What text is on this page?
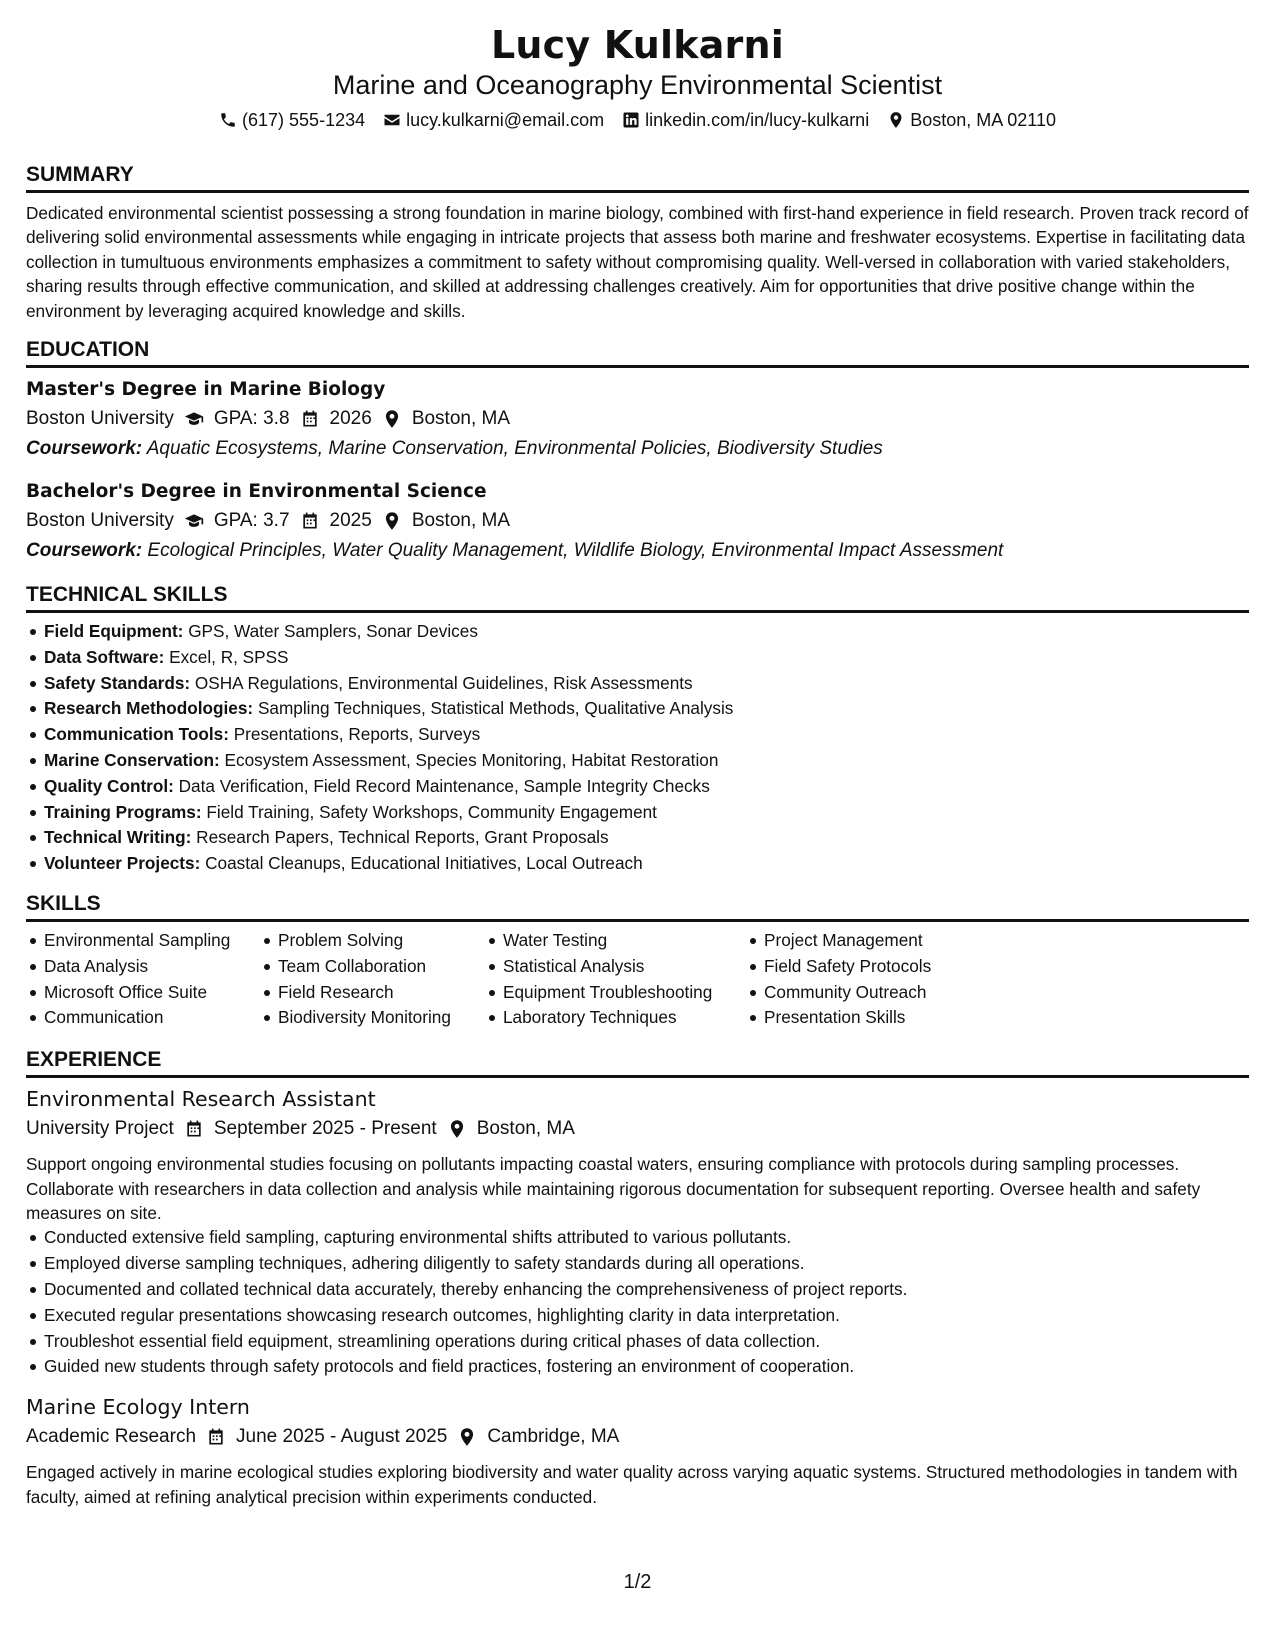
Lucy Kulkarni
Marine and Oceanography Environmental Scientist
(617) 555-1234 lucy.kulkarni@email.com linkedin.com/in/lucy-kulkarni Boston, MA 02110
SUMMARY

Dedicated environmental scientist possessing a strong foundation in marine biology, combined with first-hand experience in field research. Proven track record of delivering solid environmental assessments while engaging in intricate projects that assess both marine and freshwater ecosystems. Expertise in facilitating data collection in tumultuous environments emphasizes a commitment to safety without compromising quality. Well-versed in collaboration with varied stakeholders, sharing results through effective communication, and skilled at addressing challenges creatively. Aim for opportunities that drive positive change within the environment by leveraging acquired knowledge and skills.

EDUCATION
Master's Degree in Marine Biology
Boston University GPA: 3.8 2026 Boston, MA
Coursework: Aquatic Ecosystems, Marine Conservation, Environmental Policies, Biodiversity Studies
Bachelor's Degree in Environmental Science
Boston University GPA: 3.7 2025 Boston, MA
Coursework: Ecological Principles, Water Quality Management, Wildlife Biology, Environmental Impact Assessment
TECHNICAL SKILLS
Field Equipment: GPS, Water Samplers, Sonar Devices
Data Software: Excel, R, SPSS
Safety Standards: OSHA Regulations, Environmental Guidelines, Risk Assessments
Research Methodologies: Sampling Techniques, Statistical Methods, Qualitative Analysis
Communication Tools: Presentations, Reports, Surveys
Marine Conservation: Ecosystem Assessment, Species Monitoring, Habitat Restoration
Quality Control: Data Verification, Field Record Maintenance, Sample Integrity Checks
Training Programs: Field Training, Safety Workshops, Community Engagement
Technical Writing: Research Papers, Technical Reports, Grant Proposals
Volunteer Projects: Coastal Cleanups, Educational Initiatives, Local Outreach
SKILLS
Environmental Sampling
Data Analysis
Microsoft Office Suite
Communication
Problem Solving
Team Collaboration
Field Research
Biodiversity Monitoring
Water Testing
Statistical Analysis
Equipment Troubleshooting
Laboratory Techniques
Project Management
Field Safety Protocols
Community Outreach
Presentation Skills
EXPERIENCE
Environmental Research Assistant
University Project September 2025 - Present Boston, MA

Support ongoing environmental studies focusing on pollutants impacting coastal waters, ensuring compliance with protocols during sampling processes. Collaborate with researchers in data collection and analysis while maintaining rigorous documentation for subsequent reporting. Oversee health and safety measures on site.

Conducted extensive field sampling, capturing environmental shifts attributed to various pollutants.
Employed diverse sampling techniques, adhering diligently to safety standards during all operations.
Documented and collated technical data accurately, thereby enhancing the comprehensiveness of project reports.
Executed regular presentations showcasing research outcomes, highlighting clarity in data interpretation.
Troubleshot essential field equipment, streamlining operations during critical phases of data collection.
Guided new students through safety protocols and field practices, fostering an environment of cooperation.
Marine Ecology Intern
Academic Research June 2025 - August 2025 Cambridge, MA

Engaged actively in marine ecological studies exploring biodiversity and water quality across varying aquatic systems. Structured methodologies in tandem with faculty, aimed at refining analytical precision within experiments conducted.

1/2
